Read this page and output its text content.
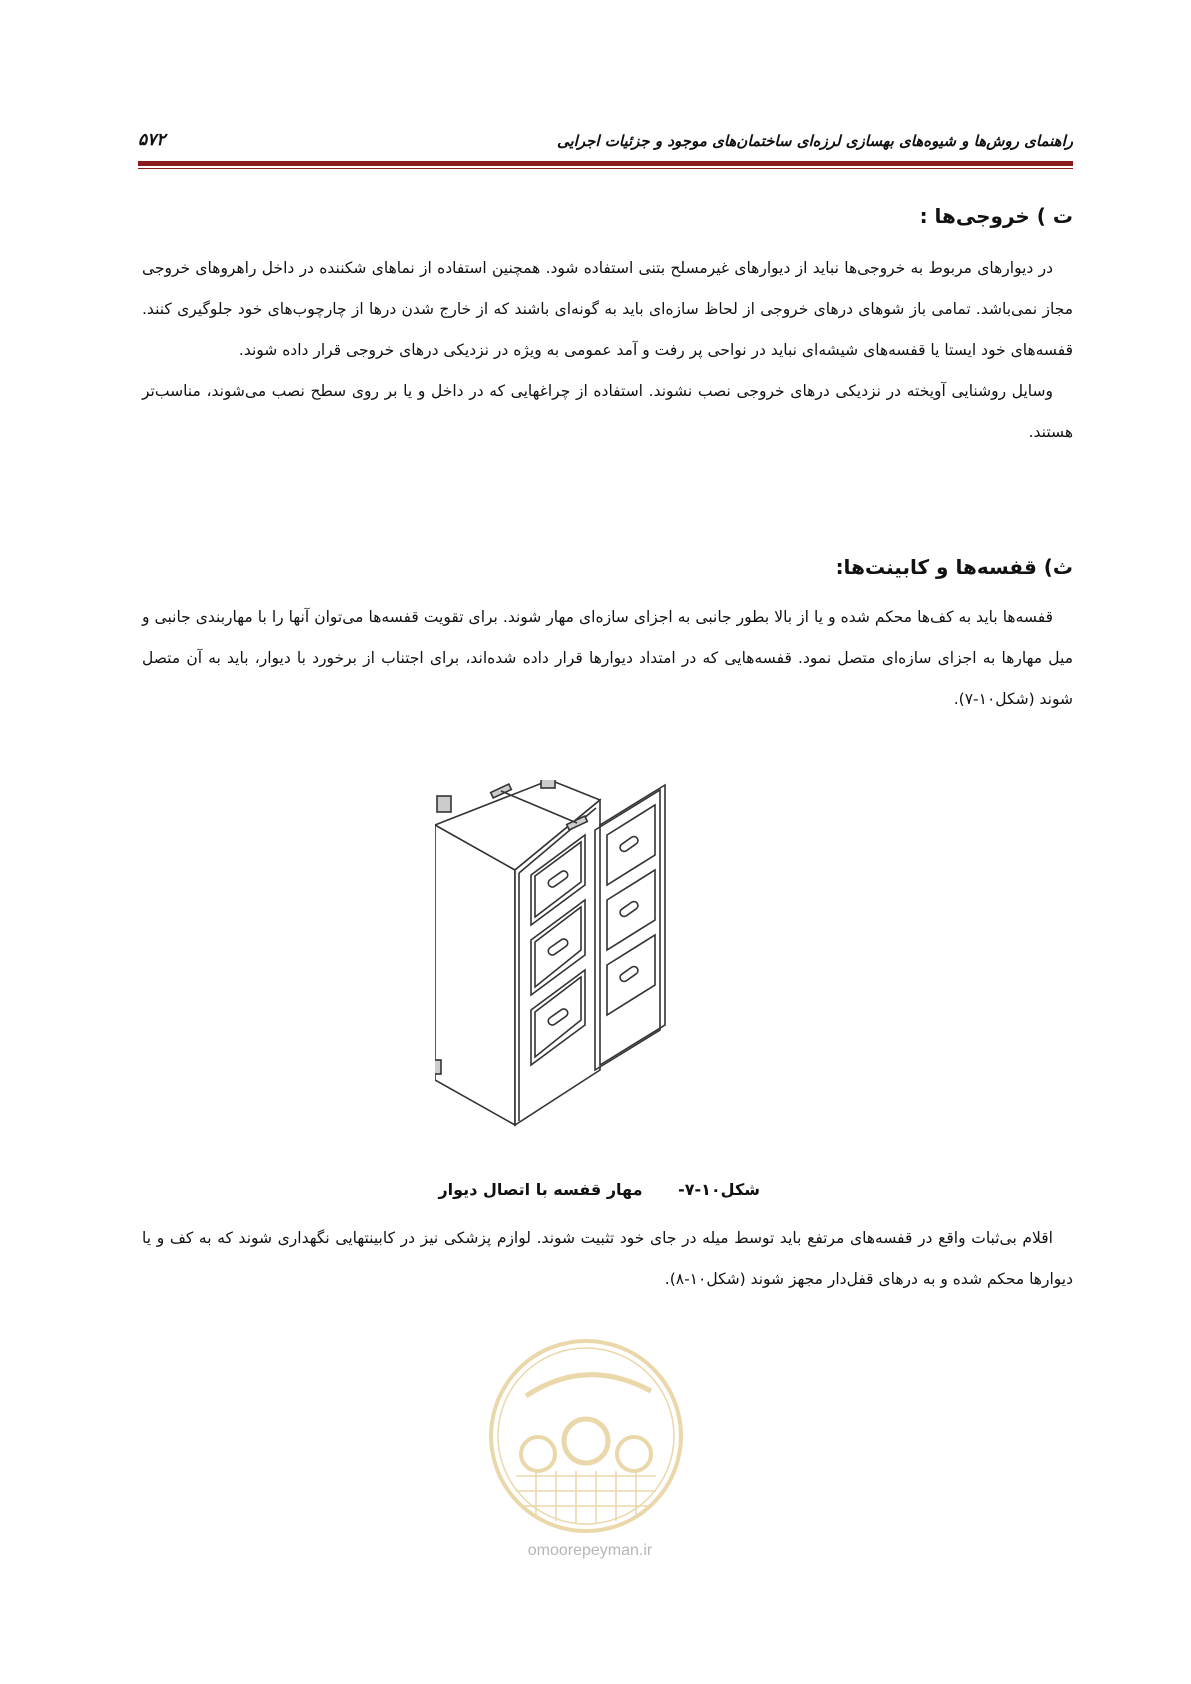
راهنمای روش‌ها و شیوه‌های بهسازی لرزه‌ای ساختمان‌های موجود و جزئیات اجرایی
۵۷۲
ت ) خروجی‌ها :

در دیوارهای مربوط به خروجی‌ها نباید از دیوارهای غیرمسلح بتنی استفاده شود. همچنین استفاده از نماهای شکننده در داخل راهروهای خروجی مجاز نمی‌باشد. تمامی باز شوهای درهای خروجی از لحاظ سازه‌ای باید به گونه‌ای باشند که از خارج شدن درها از چارچوب‌های خود جلوگیری کنند. قفسه‌های خود ایستا یا قفسه‌های شیشه‌ای نباید در نواحی پر رفت و آمد عمومی به ویژه در نزدیکی درهای خروجی قرار داده شوند.

وسایل روشنایی آویخته در نزدیکی درهای خروجی نصب نشوند. استفاده از چراغهایی که در داخل و یا بر روی سطح نصب می‌شوند، مناسب‌تر هستند.

ث) قفسه‌ها و کابینت‌ها:

قفسه‌ها باید به کف‌ها محکم شده و یا از بالا بطور جانبی به اجزای سازه‌ای مهار شوند. برای تقویت قفسه‌ها می‌توان آنها را با مهاربندی جانبی و میل مهارها به اجزای سازه‌ای متصل نمود. قفسه‌هایی که در امتداد دیوارها قرار داده شده‌اند، برای اجتناب از برخورد با دیوار، باید به آن متصل شوند (شکل۱۰-۷).

شکل۱۰-۷- مهار قفسه با اتصال دیوار

اقلام بی‌ثبات واقع در قفسه‌های مرتفع باید توسط میله در جای خود تثبیت شوند. لوازم پزشکی نیز در کابینتهایی نگهداری شوند که به کف و یا دیوارها محکم شده و به درهای قفل‌دار مجهز شوند (شکل۱۰-۸).

omoorepeyman.ir
